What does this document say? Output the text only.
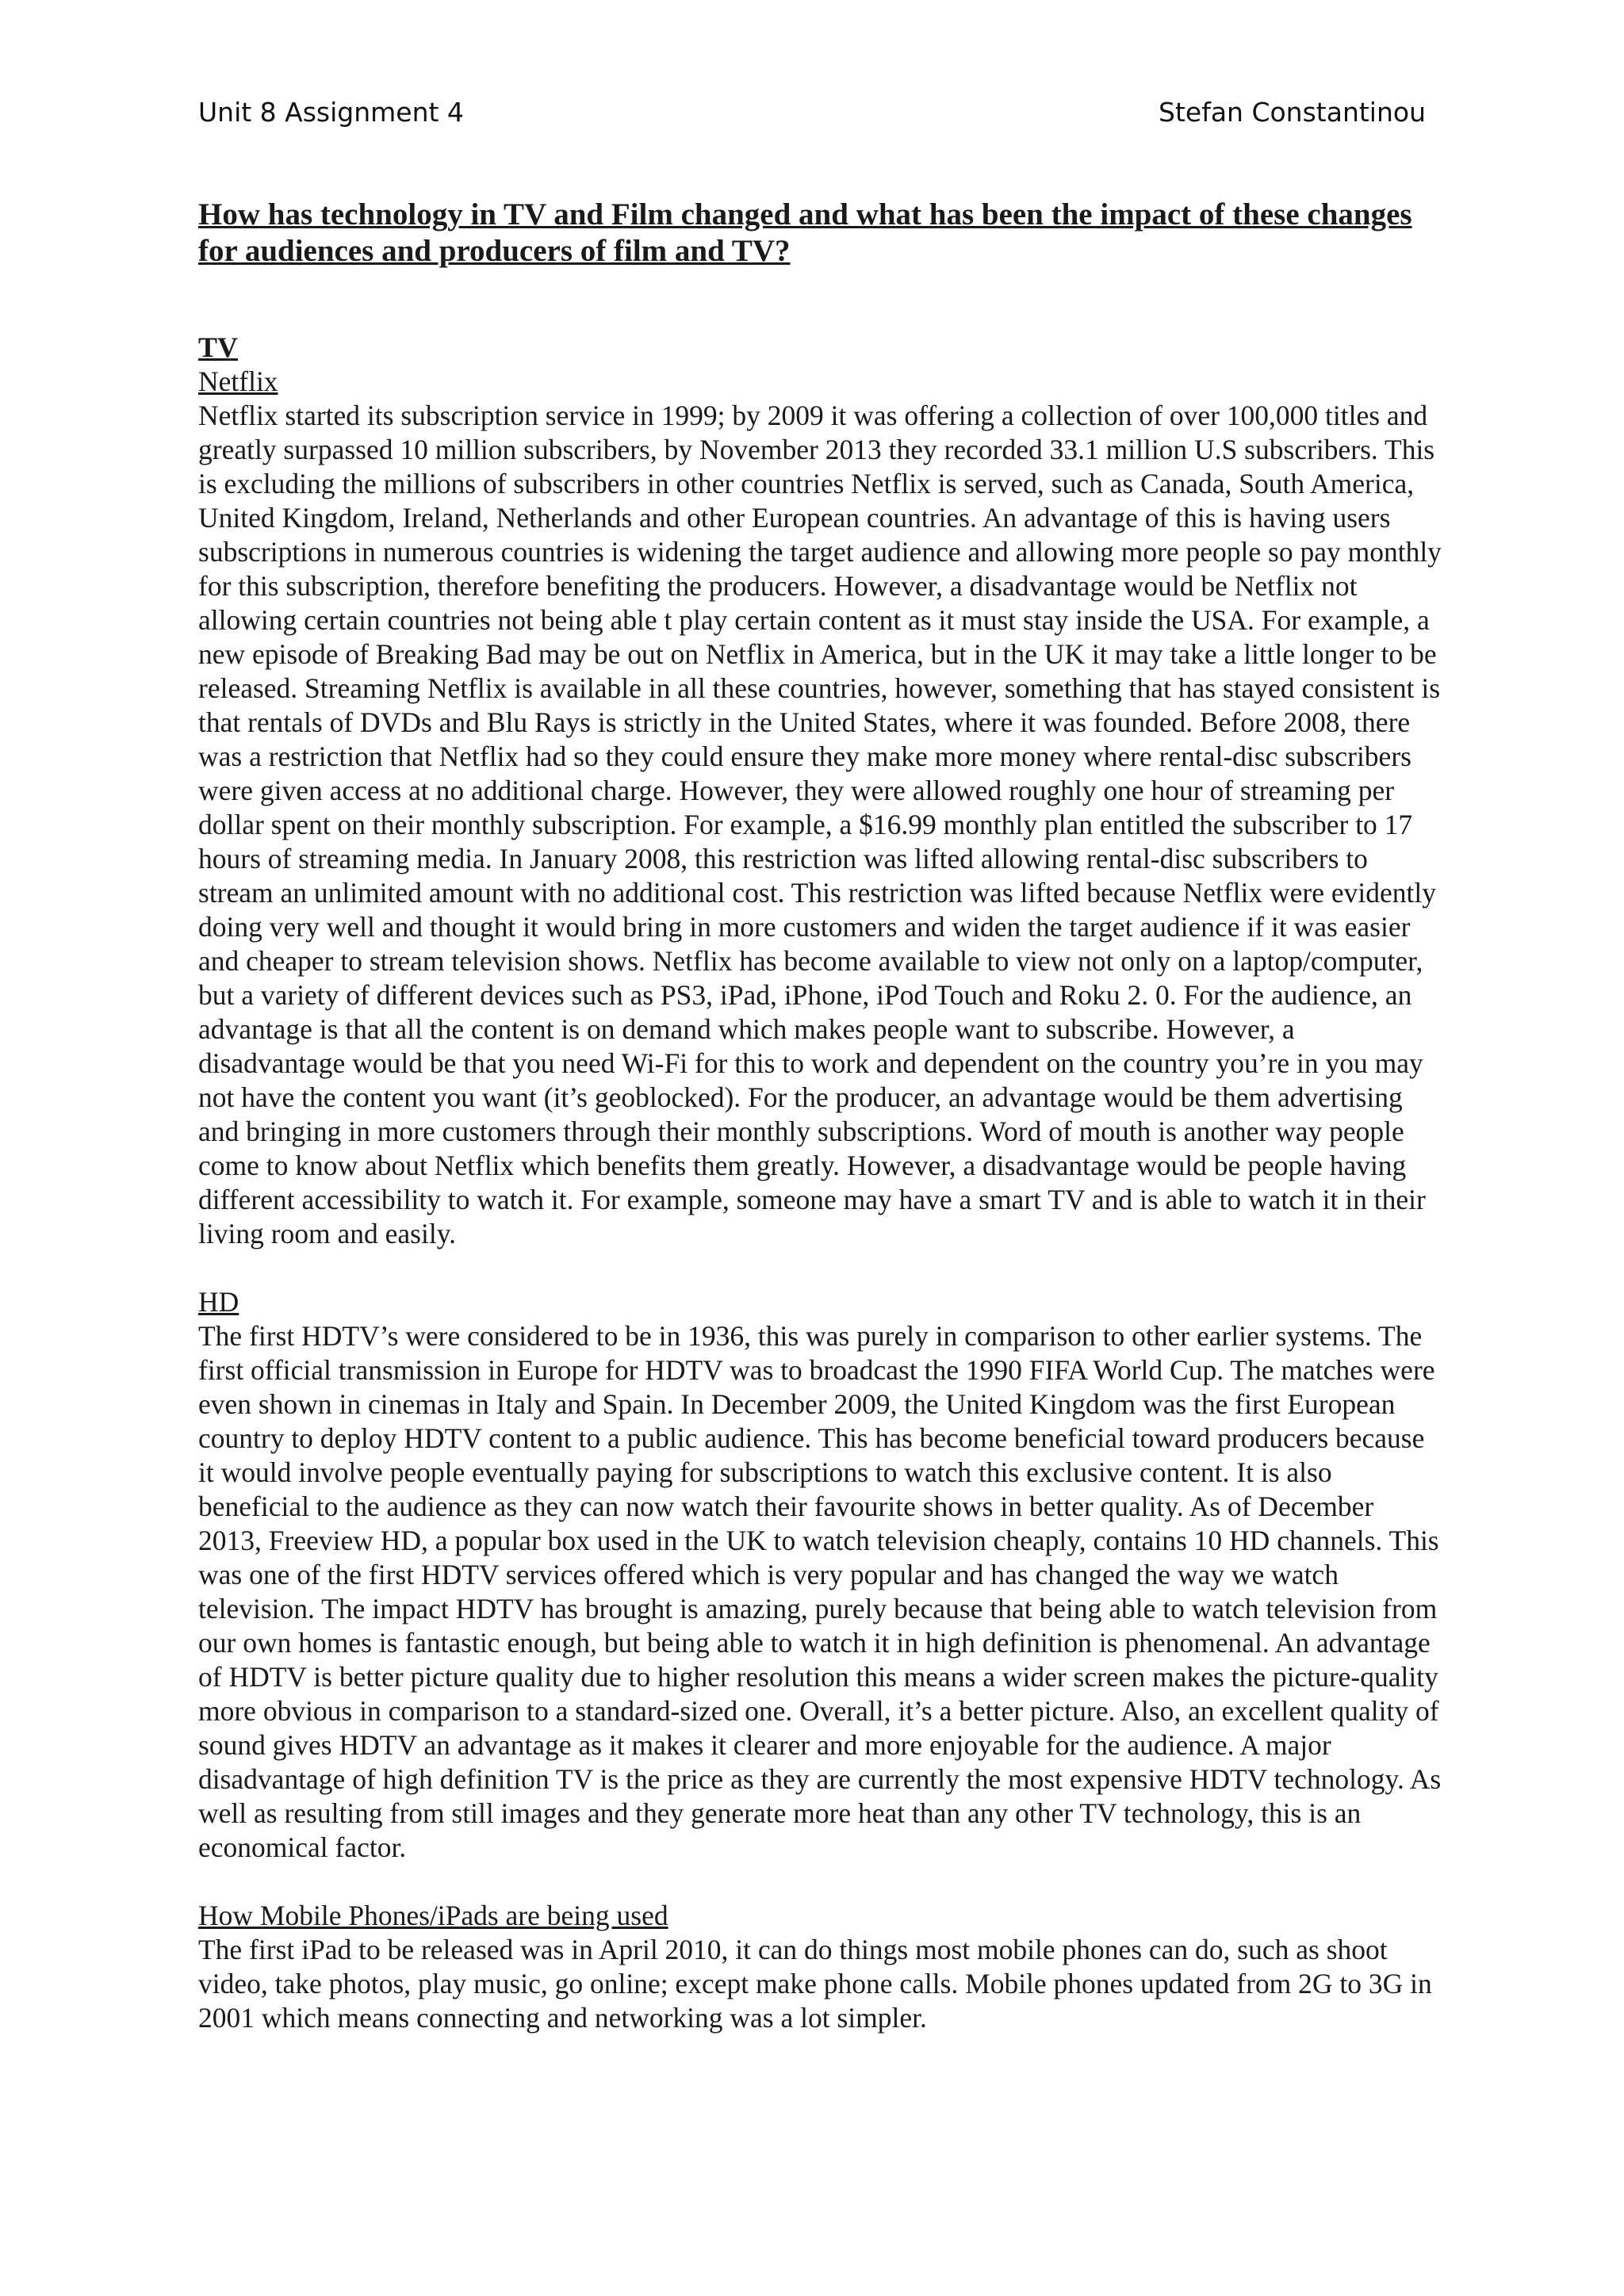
Unit 8 Assignment 4	Stefan Constantinou

How has technology in TV and Film changed and what has been the impact of these changes for audiences and producers of film and TV?

TV

Netflix

Netflix started its subscription service in 1999; by 2009 it was offering a collection of over 100,000 titles and greatly surpassed 10 million subscribers, by November 2013 they recorded 33.1 million U.S subscribers. This is excluding the millions of subscribers in other countries Netflix is served, such as Canada, South America, United Kingdom, Ireland, Netherlands and other European countries. An advantage of this is having users subscriptions in numerous countries is widening the target audience and allowing more people so pay monthly for this subscription, therefore benefiting the producers. However, a disadvantage would be Netflix not allowing certain countries not being able t play certain content as it must stay inside the USA. For example, a new episode of Breaking Bad may be out on Netflix in America, but in the UK it may take a little longer to be released. Streaming Netflix is available in all these countries, however, something that has stayed consistent is that rentals of DVDs and Blu Rays is strictly in the United States, where it was founded. Before 2008, there was a restriction that Netflix had so they could ensure they make more money where rental-disc subscribers were given access at no additional charge. However, they were allowed roughly one hour of streaming per dollar spent on their monthly subscription. For example, a $16.99 monthly plan entitled the subscriber to 17 hours of streaming media. In January 2008, this restriction was lifted allowing rental-disc subscribers to stream an unlimited amount with no additional cost. This restriction was lifted because Netflix were evidently doing very well and thought it would bring in more customers and widen the target audience if it was easier and cheaper to stream television shows. Netflix has become available to view not only on a laptop/computer, but a variety of different devices such as PS3, iPad, iPhone, iPod Touch and Roku 2. 0. For the audience, an advantage is that all the content is on demand which makes people want to subscribe. However, a disadvantage would be that you need Wi-Fi for this to work and dependent on the country you’re in you may not have the content you want (it’s geoblocked). For the producer, an advantage would be them advertising and bringing in more customers through their monthly subscriptions. Word of mouth is another way people come to know about Netflix which benefits them greatly. However, a disadvantage would be people having different accessibility to watch it. For example, someone may have a smart TV and is able to watch it in their living room and easily.

HD

The first HDTV’s were considered to be in 1936, this was purely in comparison to other earlier systems. The first official transmission in Europe for HDTV was to broadcast the 1990 FIFA World Cup. The matches were even shown in cinemas in Italy and Spain. In December 2009, the United Kingdom was the first European country to deploy HDTV content to a public audience. This has become beneficial toward producers because it would involve people eventually paying for subscriptions to watch this exclusive content. It is also beneficial to the audience as they can now watch their favourite shows in better quality. As of December 2013, Freeview HD, a popular box used in the UK to watch television cheaply, contains 10 HD channels. This was one of the first HDTV services offered which is very popular and has changed the way we watch television. The impact HDTV has brought is amazing, purely because that being able to watch television from our own homes is fantastic enough, but being able to watch it in high definition is phenomenal. An advantage of HDTV is better picture quality due to higher resolution this means a wider screen makes the picture-quality more obvious in comparison to a standard-sized one. Overall, it’s a better picture. Also, an excellent quality of sound gives HDTV an advantage as it makes it clearer and more enjoyable for the audience. A major disadvantage of high definition TV is the price as they are currently the most expensive HDTV technology. As well as resulting from still images and they generate more heat than any other TV technology, this is an economical factor.

How Mobile Phones/iPads are being used

The first iPad to be released was in April 2010, it can do things most mobile phones can do, such as shoot video, take photos, play music, go online; except make phone calls. Mobile phones updated from 2G to 3G in 2001 which means connecting and networking was a lot simpler.
